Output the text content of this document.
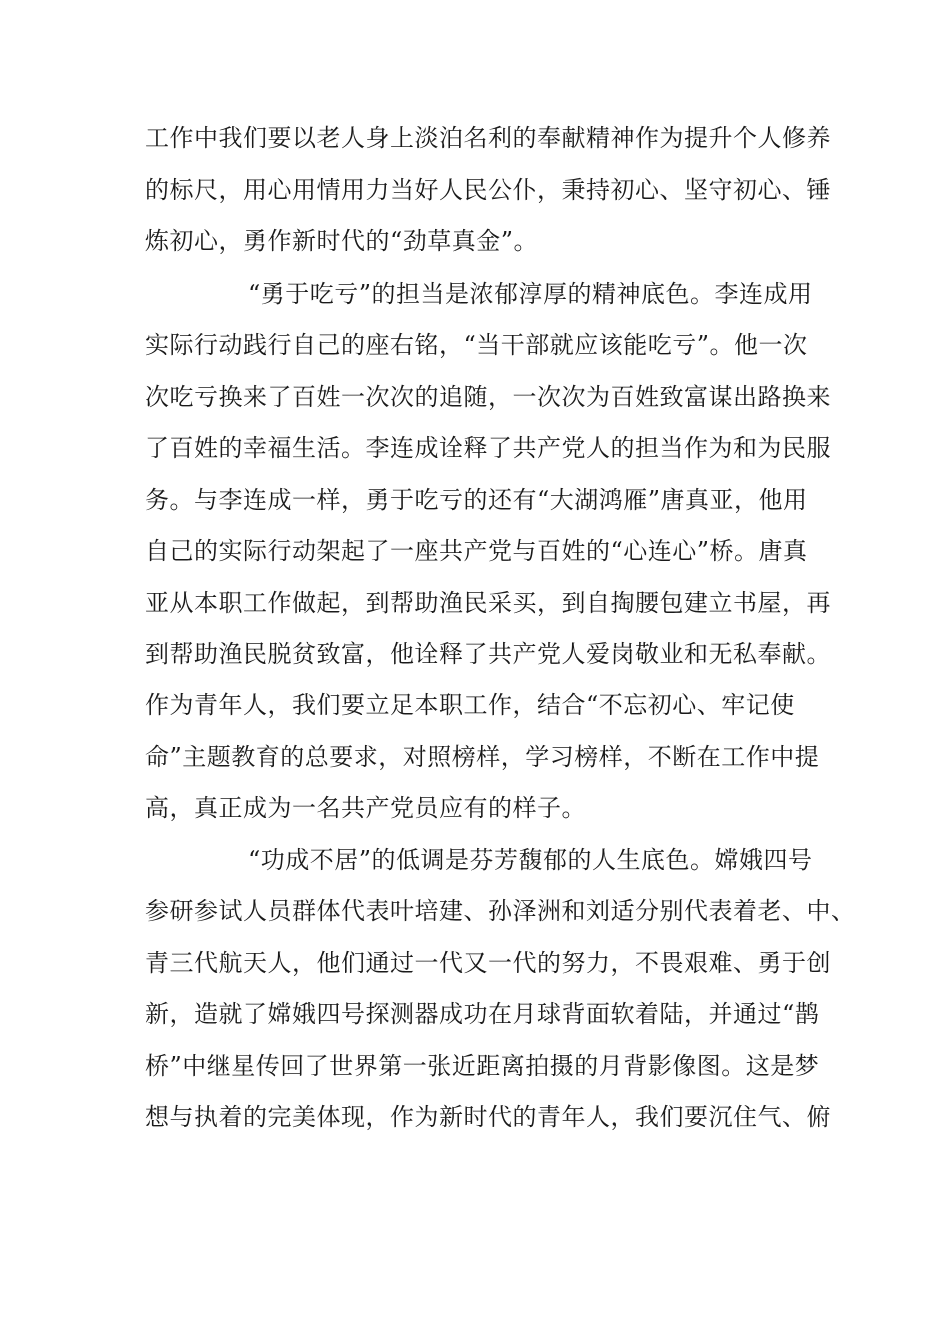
工作中我们要以老人身上淡泊名利的奉献精神作为提升个人修养
的标尺，用心用情用力当好人民公仆，秉持初心、坚守初心、锤
炼初心，勇作新时代的“劲草真金”。
“勇于吃亏”的担当是浓郁淳厚的精神底色。李连成用
实际行动践行自己的座右铭，“当干部就应该能吃亏”。他一次
次吃亏换来了百姓一次次的追随，一次次为百姓致富谋出路换来
了百姓的幸福生活。李连成诠释了共产党人的担当作为和为民服
务。与李连成一样，勇于吃亏的还有“大湖鸿雁”唐真亚，他用
自己的实际行动架起了一座共产党与百姓的“心连心”桥。唐真
亚从本职工作做起，到帮助渔民采买，到自掏腰包建立书屋，再
到帮助渔民脱贫致富，他诠释了共产党人爱岗敬业和无私奉献。
作为青年人，我们要立足本职工作，结合“不忘初心、牢记使
命”主题教育的总要求，对照榜样，学习榜样，不断在工作中提
高，真正成为一名共产党员应有的样子。
“功成不居”的低调是芬芳馥郁的人生底色。嫦娥四号
参研参试人员群体代表叶培建、孙泽洲和刘适分别代表着老、中、
青三代航天人，他们通过一代又一代的努力，不畏艰难、勇于创
新，造就了嫦娥四号探测器成功在月球背面软着陆，并通过“鹊
桥”中继星传回了世界第一张近距离拍摄的月背影像图。这是梦
想与执着的完美体现，作为新时代的青年人，我们要沉住气、俯
